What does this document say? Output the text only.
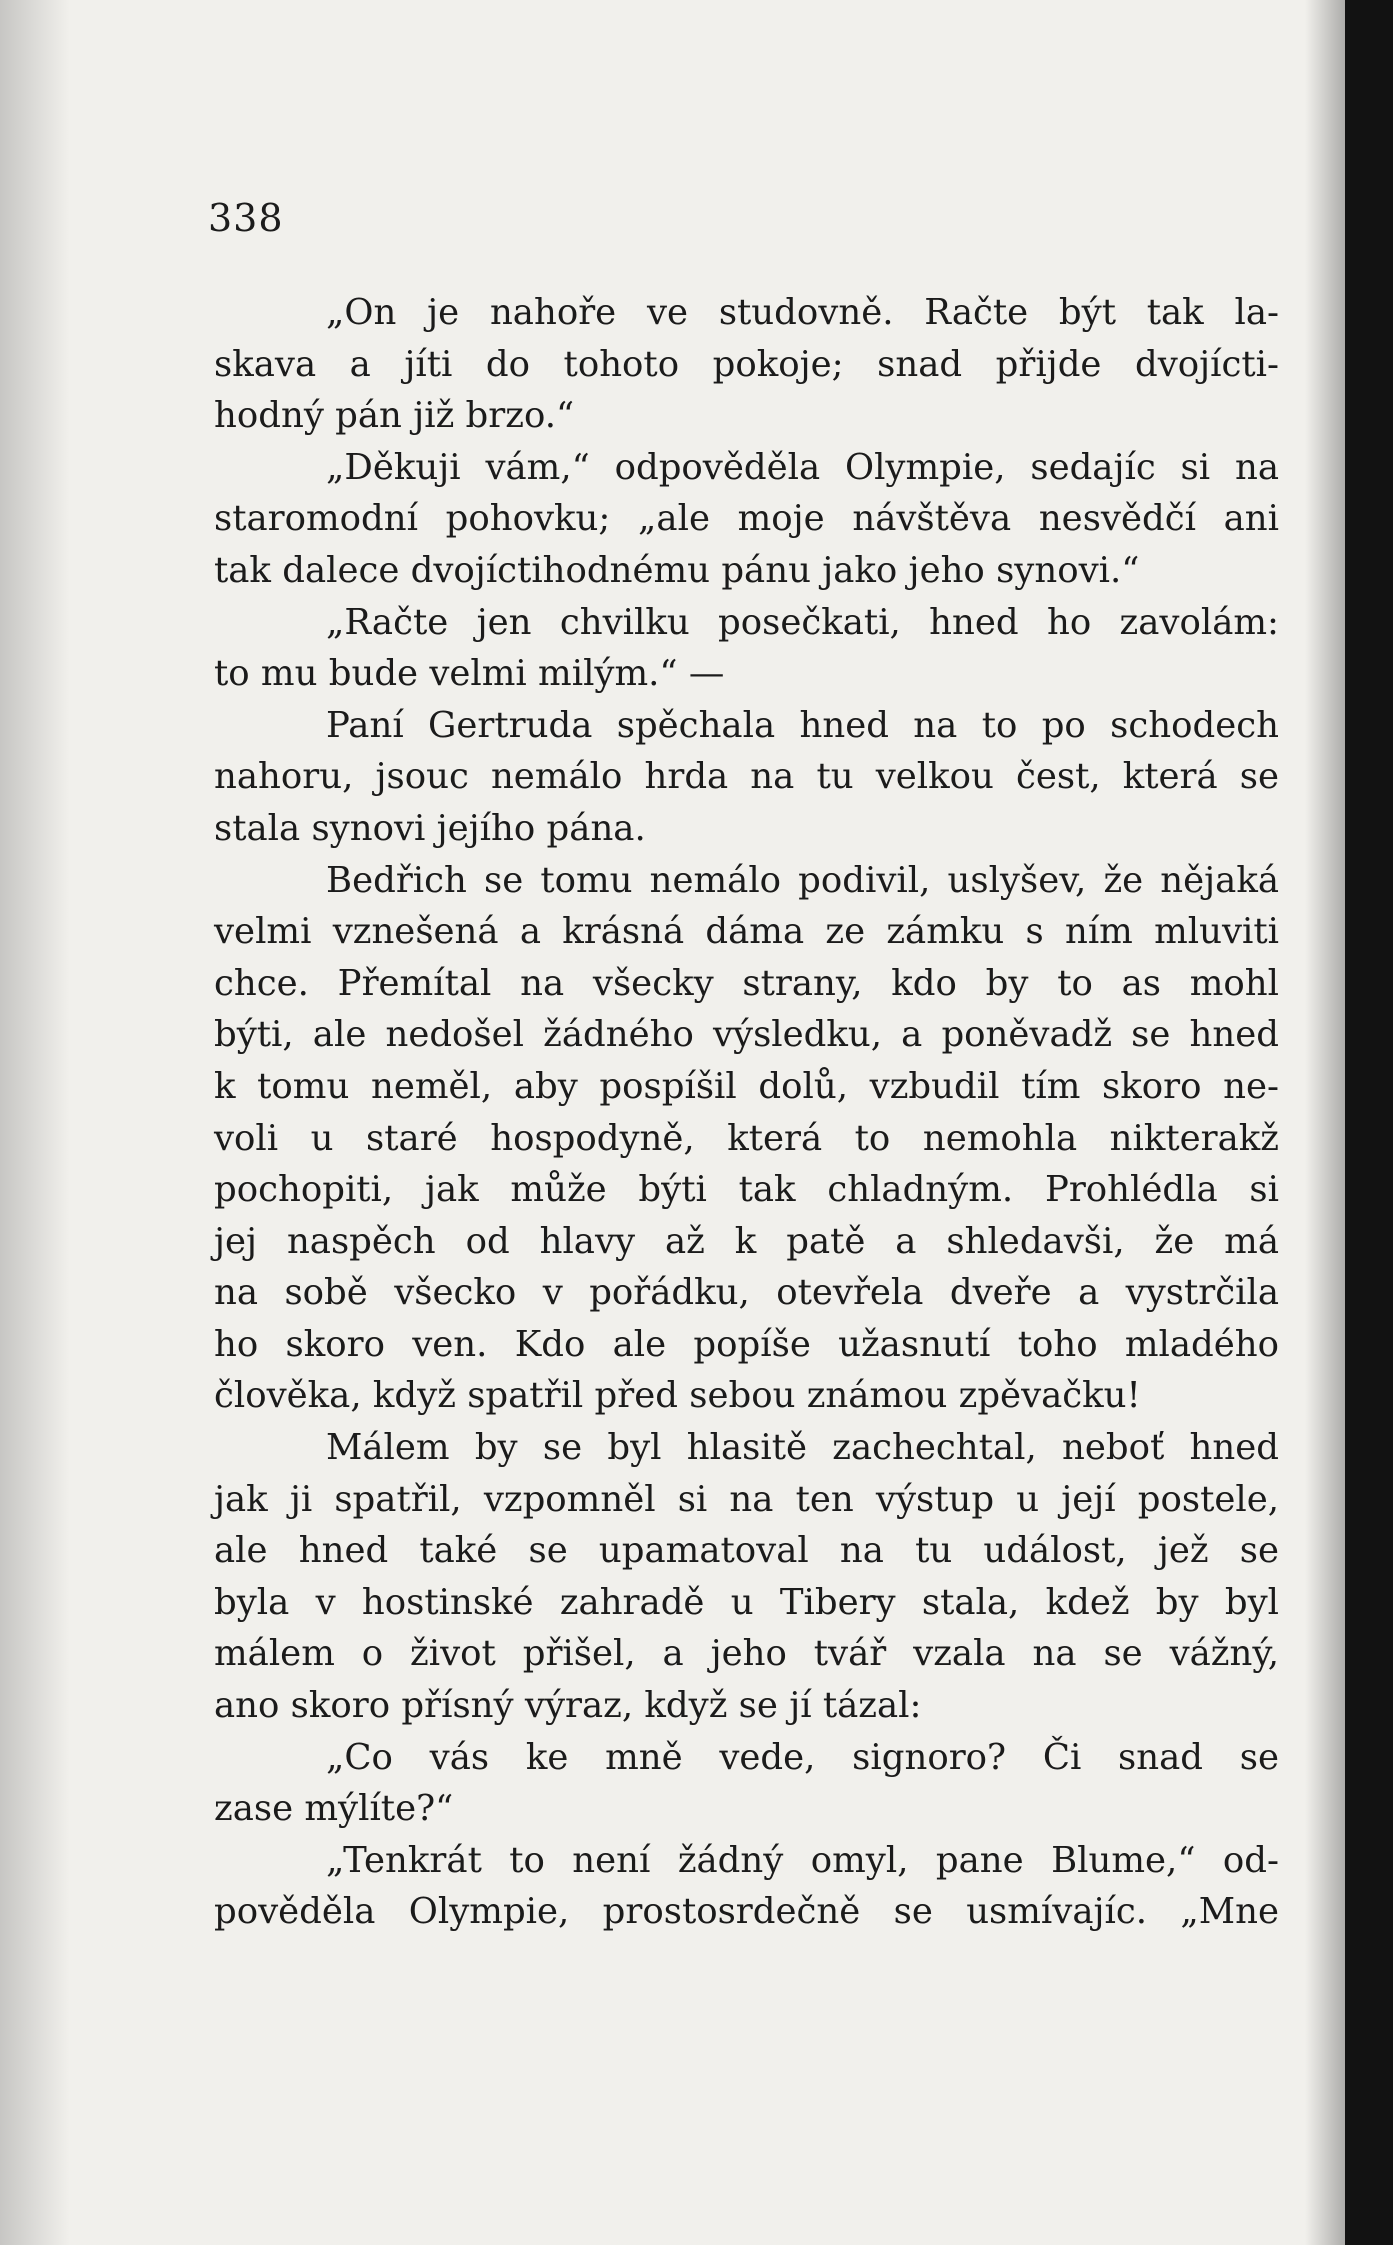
338
„On je nahoře ve studovně. Račte být tak la-
skava a jíti do tohoto pokoje; snad přijde dvojícti-
hodný pán již brzo.“
„Děkuji vám,“ odpověděla Olympie, sedajíc si na
staromodní pohovku; „ale moje návštěva nesvědčí ani
tak dalece dvojíctihodnému pánu jako jeho synovi.“
„Račte jen chvilku posečkati, hned ho zavolám:
to mu bude velmi milým.“ —
Paní Gertruda spěchala hned na to po schodech
nahoru, jsouc nemálo hrda na tu velkou čest, která se
stala synovi jejího pána.
Bedřich se tomu nemálo podivil, uslyšev, že nějaká
velmi vznešená a krásná dáma ze zámku s ním mluviti
chce. Přemítal na všecky strany, kdo by to as mohl
býti, ale nedošel žádného výsledku, a poněvadž se hned
k tomu neměl, aby pospíšil dolů, vzbudil tím skoro ne-
voli u staré hospodyně, která to nemohla nikterakž
pochopiti, jak může býti tak chladným. Prohlédla si
jej naspěch od hlavy až k patě a shledavši, že má
na sobě všecko v pořádku, otevřela dveře a vystrčila
ho skoro ven. Kdo ale popíše užasnutí toho mladého
člověka, když spatřil před sebou známou zpěvačku!
Málem by se byl hlasitě zachechtal, neboť hned
jak ji spatřil, vzpomněl si na ten výstup u její postele,
ale hned také se upamatoval na tu událost, jež se
byla v hostinské zahradě u Tibery stala, kdež by byl
málem o život přišel, a jeho tvář vzala na se vážný,
ano skoro přísný výraz, když se jí tázal:
„Co vás ke mně vede, signoro? Či snad se
zase mýlíte?“
„Tenkrát to není žádný omyl, pane Blume,“ od-
pověděla Olympie, prostosrdečně se usmívajíc. „Mne
